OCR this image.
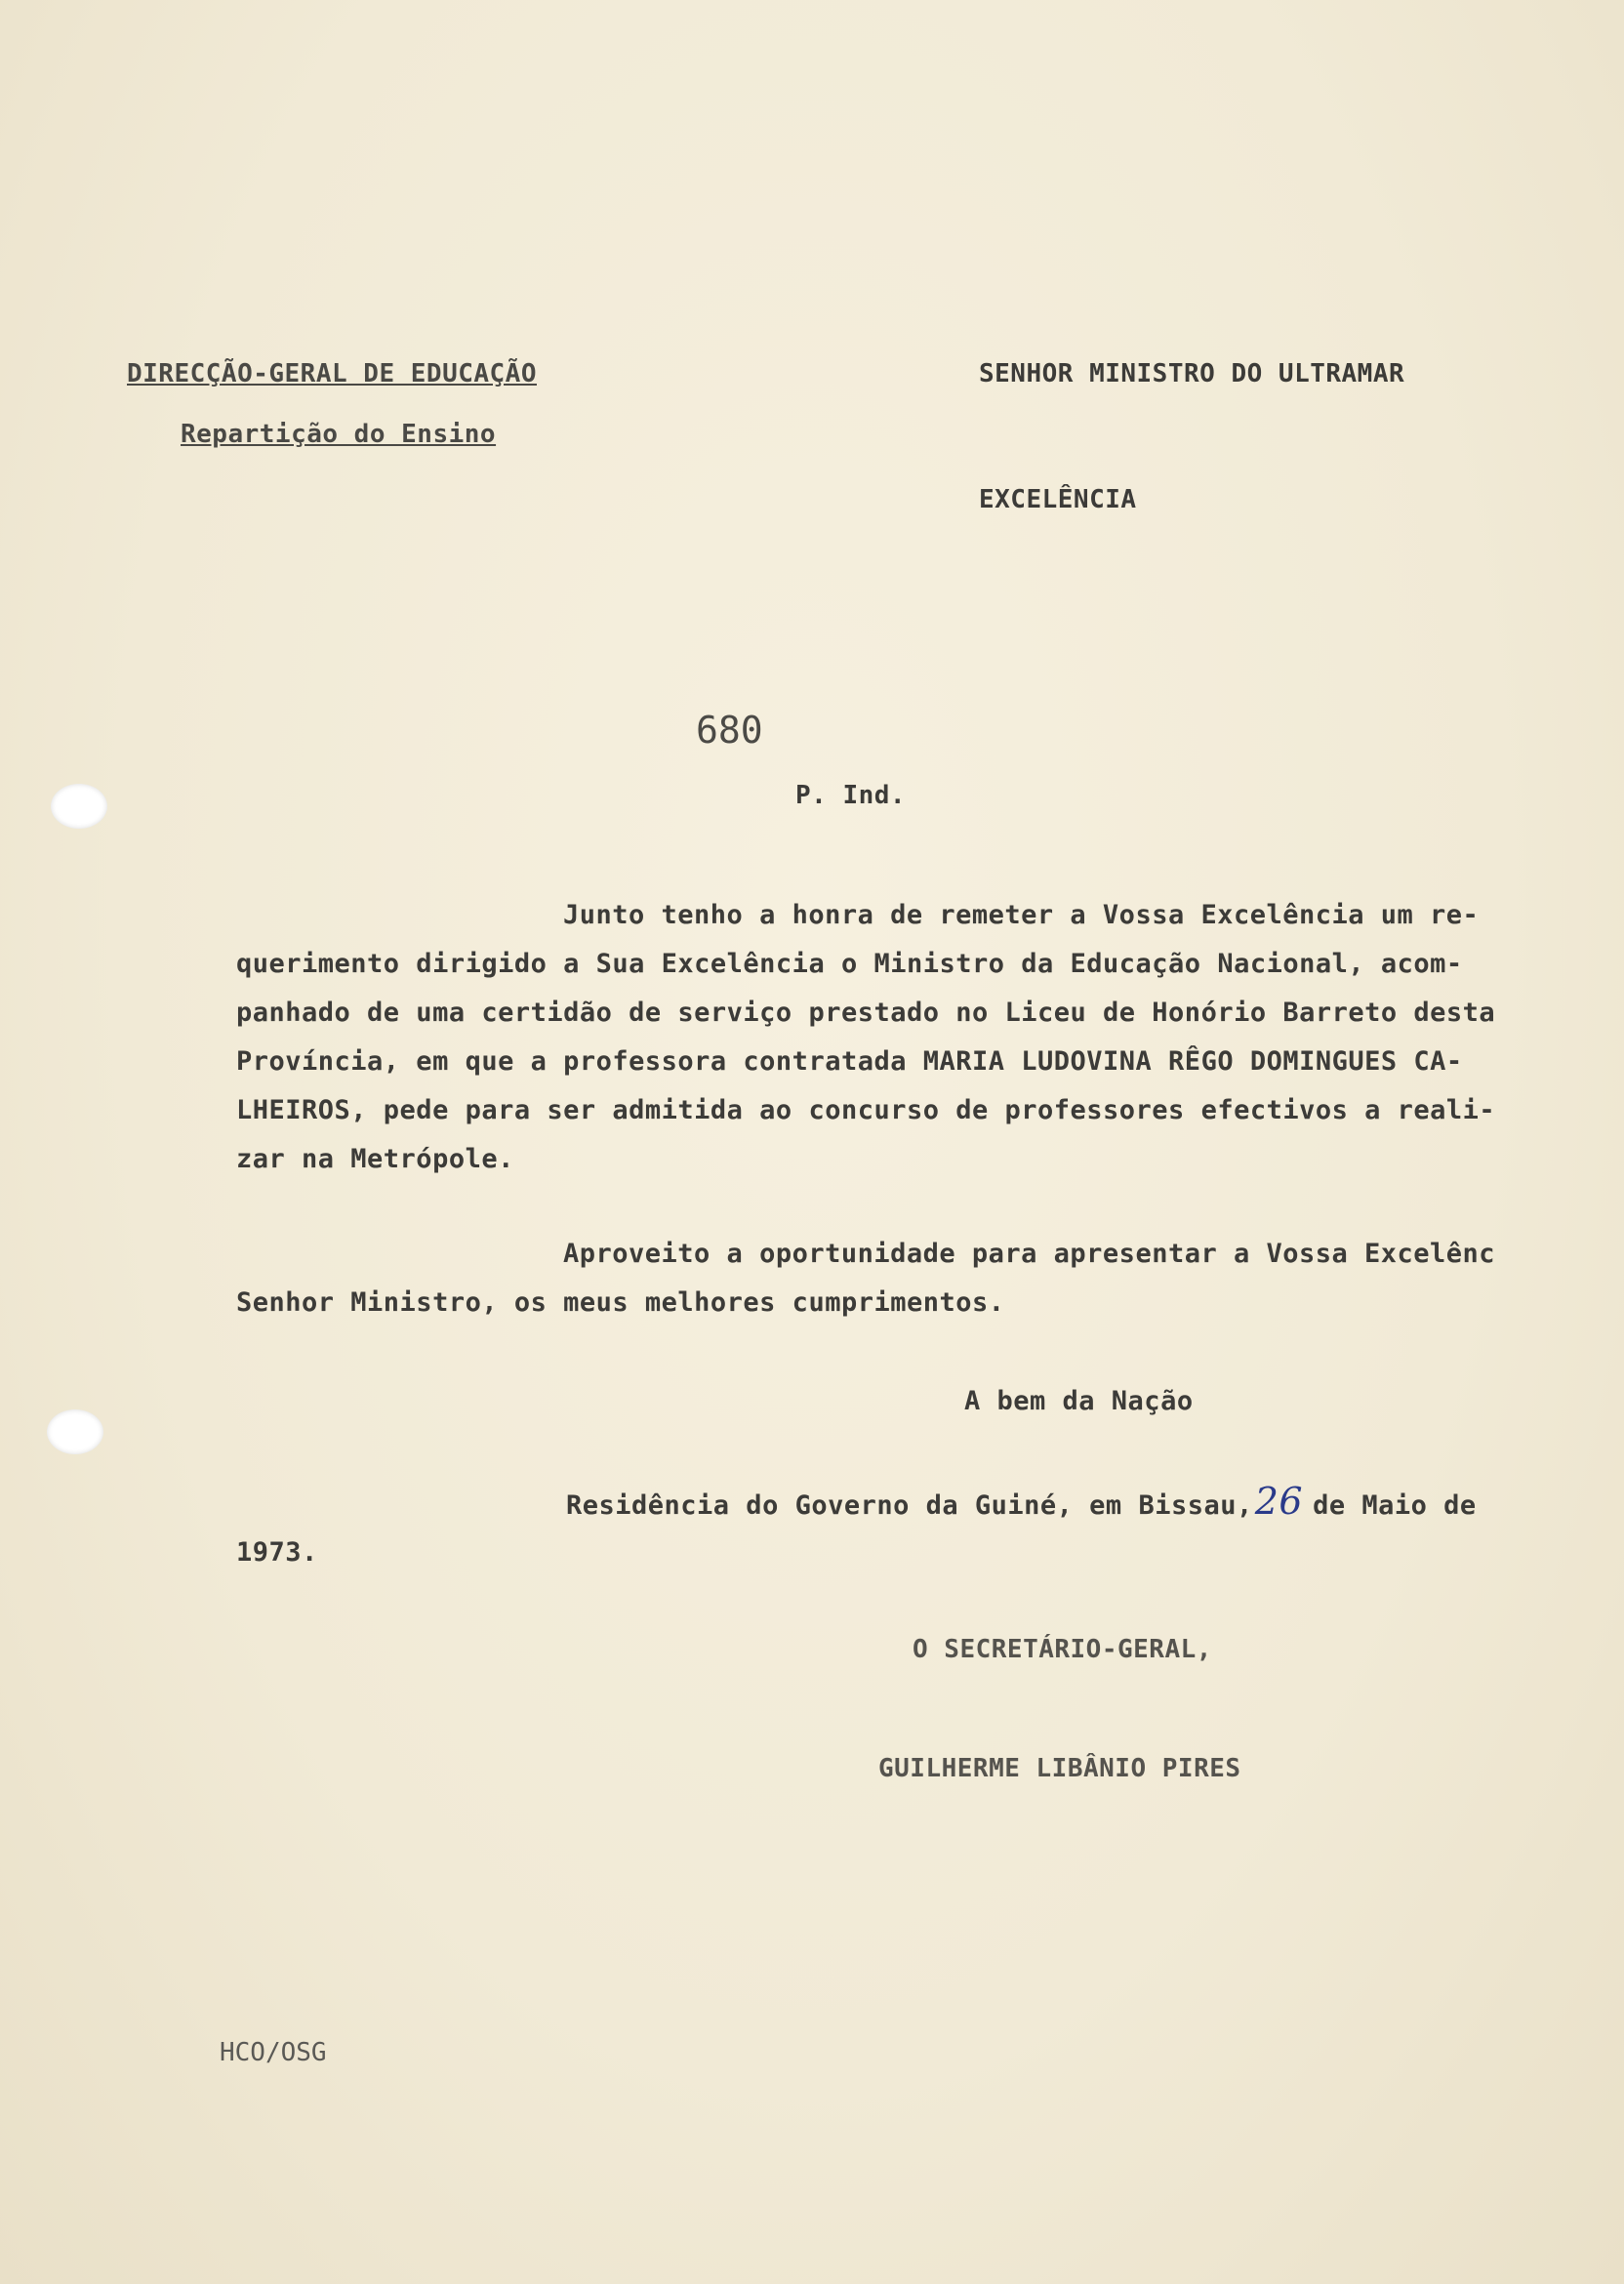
DIRECÇÃO-GERAL DE EDUCAÇÃO
Repartição do Ensino
SENHOR MINISTRO DO ULTRAMAR
EXCELÊNCIA
680
P. Ind.

Junto tenho a honra de remeter a Vossa Excelência um re-

querimento dirigido a Sua Excelência o Ministro da Educação Nacional, acom-

panhado de uma certidão de serviço prestado no Liceu de Honório Barreto desta

Província, em que a professora contratada MARIA LUDOVINA RÊGO DOMINGUES CA-

LHEIROS, pede para ser admitida ao concurso de professores efectivos a reali-

zar na Metrópole.

Aproveito a oportunidade para apresentar a Vossa Excelênc

Senhor Ministro, os meus melhores cumprimentos.

A bem da Nação
Residência do Governo da Guiné, em Bissau,26 de Maio de
1973.
O SECRETÁRIO-GERAL,
GUILHERME LIBÂNIO PIRES
HCO/OSG
